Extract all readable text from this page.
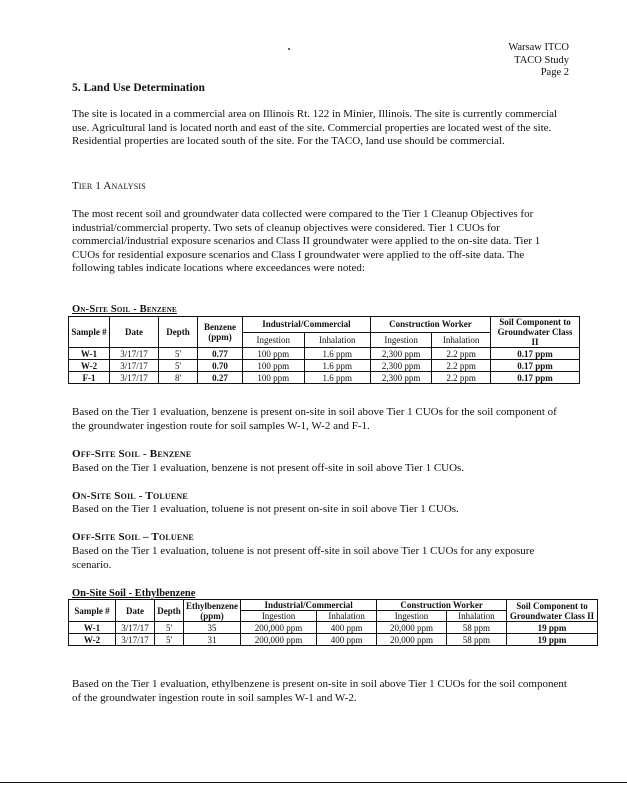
Warsaw ITCO
TACO Study
Page 2
5. Land Use Determination

The site is located in a commercial area on Illinois Rt. 122 in Minier, Illinois. The site is currently commercial use. Agricultural land is located north and east of the site. Commercial properties are located west of the site. Residential properties are located south of the site. For the TACO, land use should be commercial.

Tier 1 Analysis

The most recent soil and groundwater data collected were compared to the Tier 1 Cleanup Objectives for industrial/commercial property. Two sets of cleanup objectives were considered. Tier 1 CUOs for commercial/industrial exposure scenarios and Class II groundwater were applied to the on-site data. Tier 1 CUOs for residential exposure scenarios and Class I groundwater were applied to the off-site data. The following tables indicate locations where exceedances were noted:

On-Site Soil - Benzene
Sample #	Date	Depth	Benzene (ppm)	Industrial/Commercial		Construction Worker		Soil Component to Groundwater Class II
				Ingestion	Inhalation	Ingestion	Inhalation	
W-1	3/17/17	5'	0.77	100 ppm	1.6 ppm	2,300 ppm	2.2 ppm	0.17 ppm
W-2	3/17/17	5'	0.70	100 ppm	1.6 ppm	2,300 ppm	2.2 ppm	0.17 ppm
F-1	3/17/17	8'	0.27	100 ppm	1.6 ppm	2,300 ppm	2.2 ppm	0.17 ppm

Based on the Tier 1 evaluation, benzene is present on-site in soil above Tier 1 CUOs for the soil component of the groundwater ingestion route for soil samples W-1, W-2 and F-1.

Off-Site Soil - Benzene

Based on the Tier 1 evaluation, benzene is not present off-site in soil above Tier 1 CUOs.

On-Site Soil - Toluene

Based on the Tier 1 evaluation, toluene is not present on-site in soil above Tier 1 CUOs.

Off-Site Soil – Toluene

Based on the Tier 1 evaluation, toluene is not present off-site in soil above Tier 1 CUOs for any exposure scenario.

On-Site Soil - Ethylbenzene
Sample #	Date	Depth	Ethylbenzene (ppm)	Industrial/Commercial		Construction Worker		Soil Component to Groundwater Class II
				Ingestion	Inhalation	Ingestion	Inhalation	
W-1	3/17/17	5'	35	200,000 ppm	400 ppm	20,000 ppm	58 ppm	19 ppm
W-2	3/17/17	5'	31	200,000 ppm	400 ppm	20,000 ppm	58 ppm	19 ppm

Based on the Tier 1 evaluation, ethylbenzene is present on-site in soil above Tier 1 CUOs for the soil component of the groundwater ingestion route in soil samples W-1 and W-2.
